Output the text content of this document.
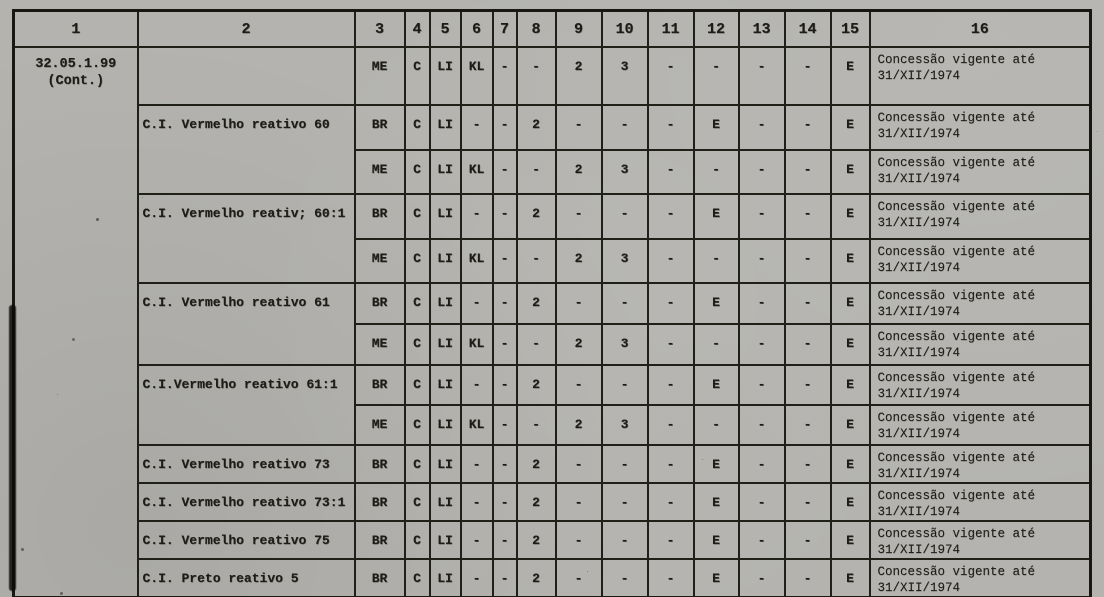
1	2	3	4	5	6	7	8	9	10	11	12	13	14	15	16

32.05.1.99
(Cont.)
		ME	C	LI	KL	-	-	2	3	-	-	-	-	E	Concessão vigente até
31/XII/1974

	C.I. Vermelho reativo 60	BR	C	LI	-	-	2	-	-	-	E	-	-	E	Concessão vigente até
31/XII/1974

		ME	C	LI	KL	-	-	2	3	-	-	-	-	E	Concessão vigente até
31/XII/1974

	C.I. Vermelho reativ; 60:1	BR	C	LI	-	-	2	-	-	-	E	-	-	E	Concessão vigente até
31/XII/1974

		ME	C	LI	KL	-	-	2	3	-	-	-	-	E	Concessão vigente até
31/XII/1974

	C.I. Vermelho reativo 61	BR	C	LI	-	-	2	-	-	-	E	-	-	E	Concessão vigente até
31/XII/1974

		ME	C	LI	KL	-	-	2	3	-	-	-	-	E	Concessão vigente até
31/XII/1974

	C.I.Vermelho reativo 61:1	BR	C	LI	-	-	2	-	-	-	E	-	-	E	Concessão vigente até
31/XII/1974

		ME	C	LI	KL	-	-	2	3	-	-	-	-	E	Concessão vigente até
31/XII/1974

	C.I. Vermelho reativo 73	BR	C	LI	-	-	2	-	-	-	E	-	-	E	Concessão vigente até
31/XII/1974

	C.I. Vermelho reativo 73:1	BR	C	LI	-	-	2	-	-	-	E	-	-	E	Concessão vigente até
31/XII/1974

	C.I. Vermelho reativo 75	BR	C	LI	-	-	2	-	-	-	E	-	-	E	Concessão vigente até
31/XII/1974

	C.I. Preto reativo 5	BR	C	LI	-	-	2	-	-	-	E	-	-	E	Concessão vigente até
31/XII/1974
